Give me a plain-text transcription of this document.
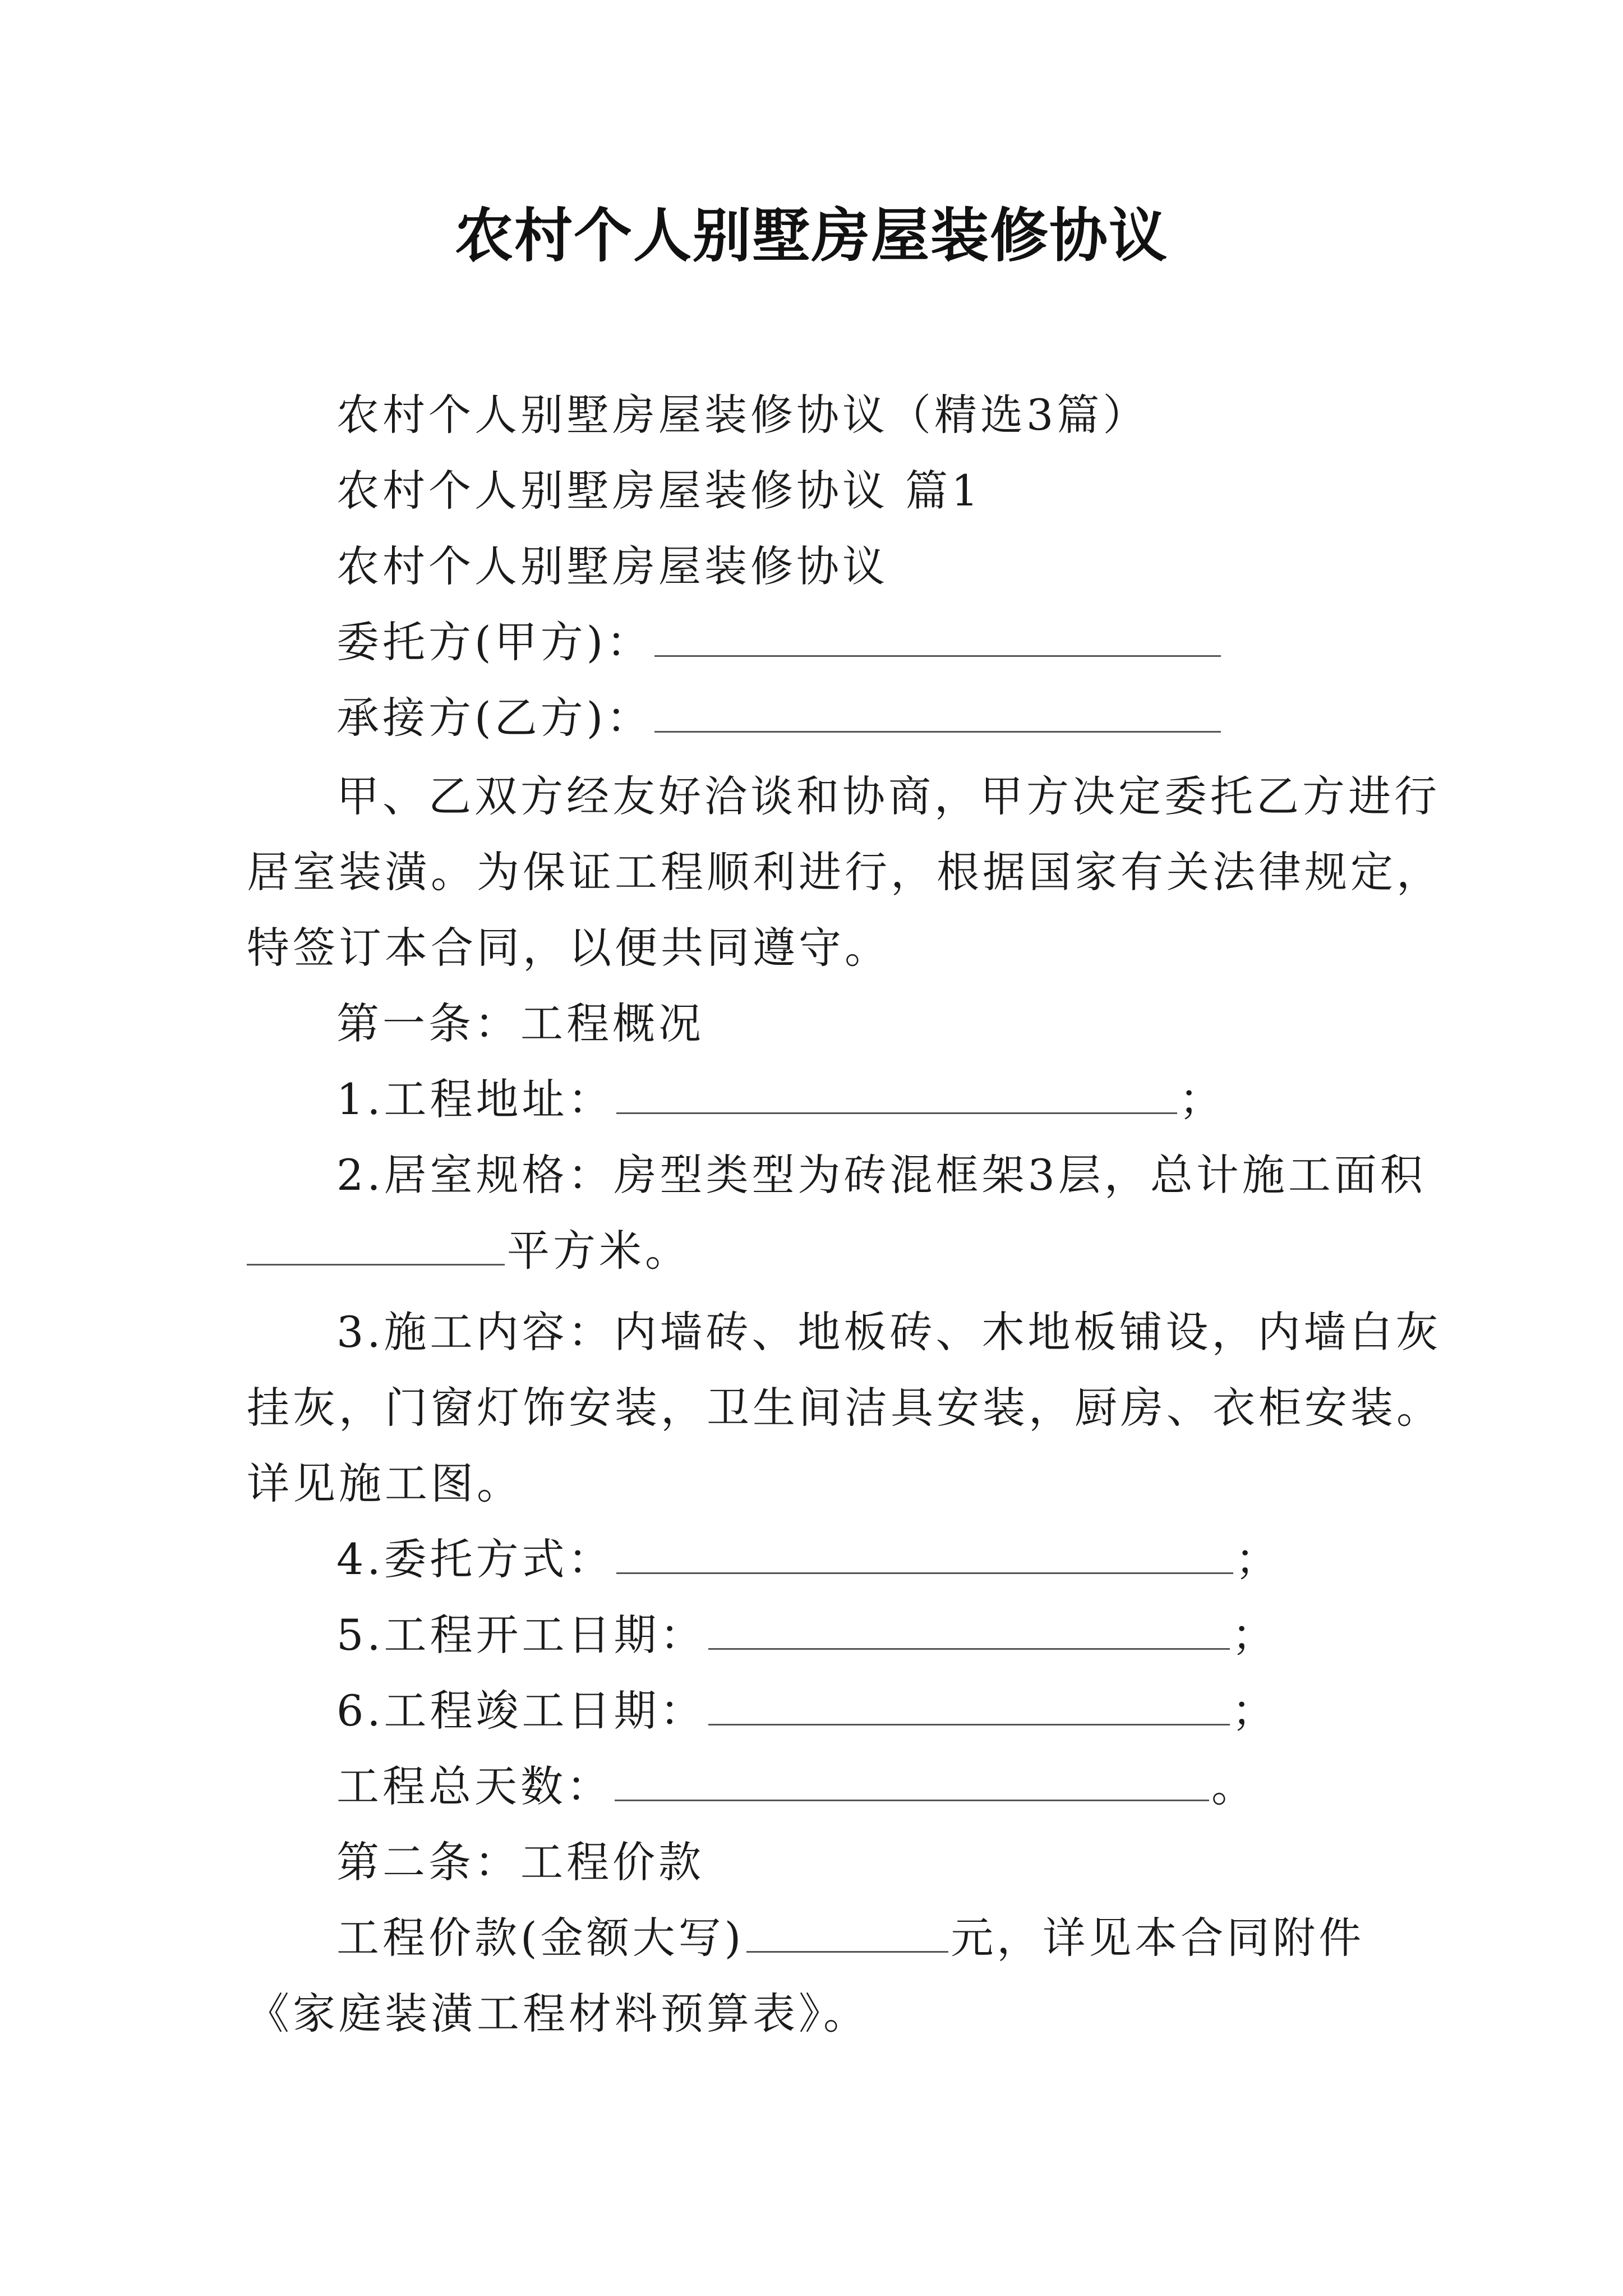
农村个人别墅房屋装修协议
农村个人别墅房屋装修协议（精选3篇）
农村个人别墅房屋装修协议 篇1
农村个人别墅房屋装修协议
委托方(甲方)：
承接方(乙方)：
甲、乙双方经友好洽谈和协商，甲方决定委托乙方进行
居室装潢。为保证工程顺利进行，根据国家有关法律规定，
特签订本合同，以便共同遵守。
第一条：工程概况
1.工程地址：	；
2.居室规格：房型类型为砖混框架3层，总计施工面积
平方米。
3.施工内容：内墙砖、地板砖、木地板铺设，内墙白灰
挂灰，门窗灯饰安装，卫生间洁具安装，厨房、衣柜安装。
详见施工图。
4.委托方式：	；
5.工程开工日期：	；
6.工程竣工日期：	；
工程总天数：	。
第二条：工程价款
工程价款(金额大写)	元，详见本合同附件
《家庭装潢工程材料预算表》。
